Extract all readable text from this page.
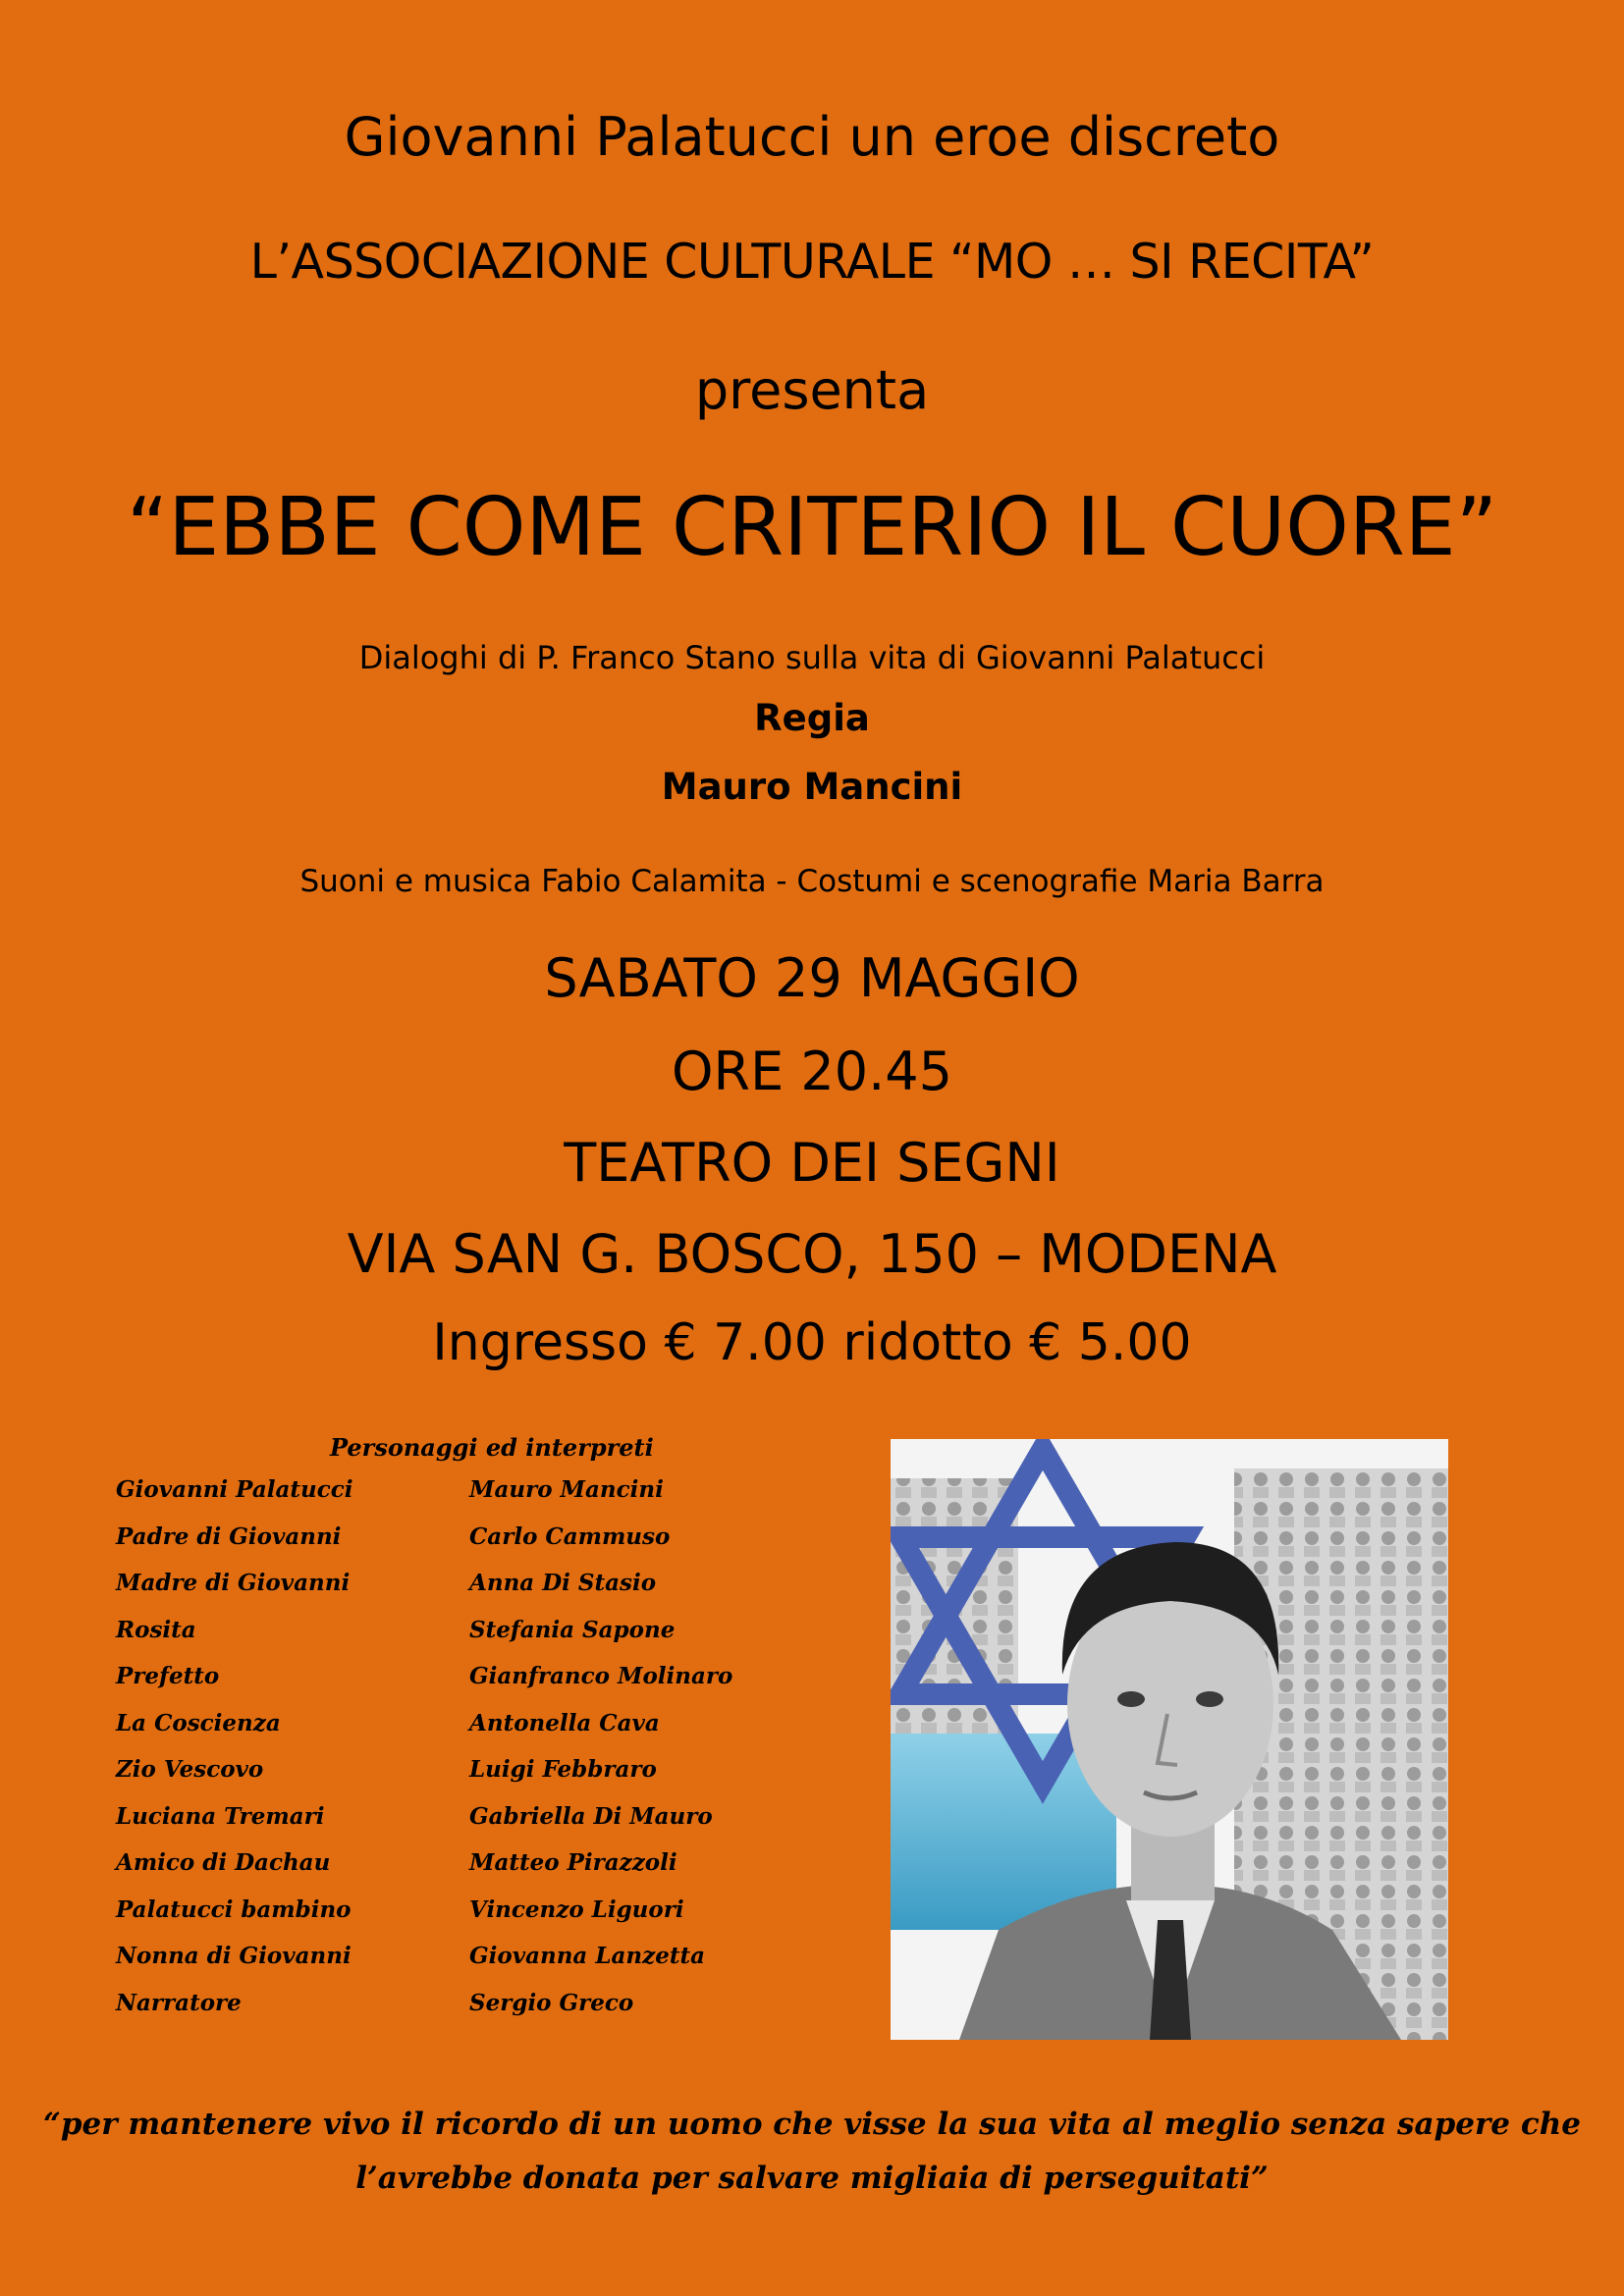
Giovanni Palatucci un eroe discreto
L’ASSOCIAZIONE CULTURALE “MO … SI RECITA”
presenta
“EBBE COME CRITERIO IL CUORE”
Dialoghi di P. Franco Stano sulla vita di Giovanni Palatucci
Regia
Mauro Mancini
Suoni e musica Fabio Calamita - Costumi e scenografie Maria Barra
SABATO 29 MAGGIO
ORE 20.45
TEATRO DEI SEGNI
VIA SAN G. BOSCO, 150 – MODENA
Ingresso € 7.00 ridotto € 5.00
Personaggi ed interpreti
Giovanni Palatucci	Mauro Mancini
Padre di Giovanni	Carlo Cammuso
Madre di Giovanni	Anna Di Stasio
Rosita	Stefania Sapone
Prefetto	Gianfranco Molinaro
La Coscienza	Antonella Cava
Zio Vescovo	Luigi Febbraro
Luciana Tremari	Gabriella Di Mauro
Amico di Dachau	Matteo Pirazzoli
Palatucci bambino	Vincenzo Liguori
Nonna di Giovanni	Giovanna Lanzetta
Narratore	Sergio Greco
“per mantenere vivo il ricordo di un uomo che visse la sua vita al meglio senza sapere che
l’avrebbe donata per salvare migliaia di perseguitati”
